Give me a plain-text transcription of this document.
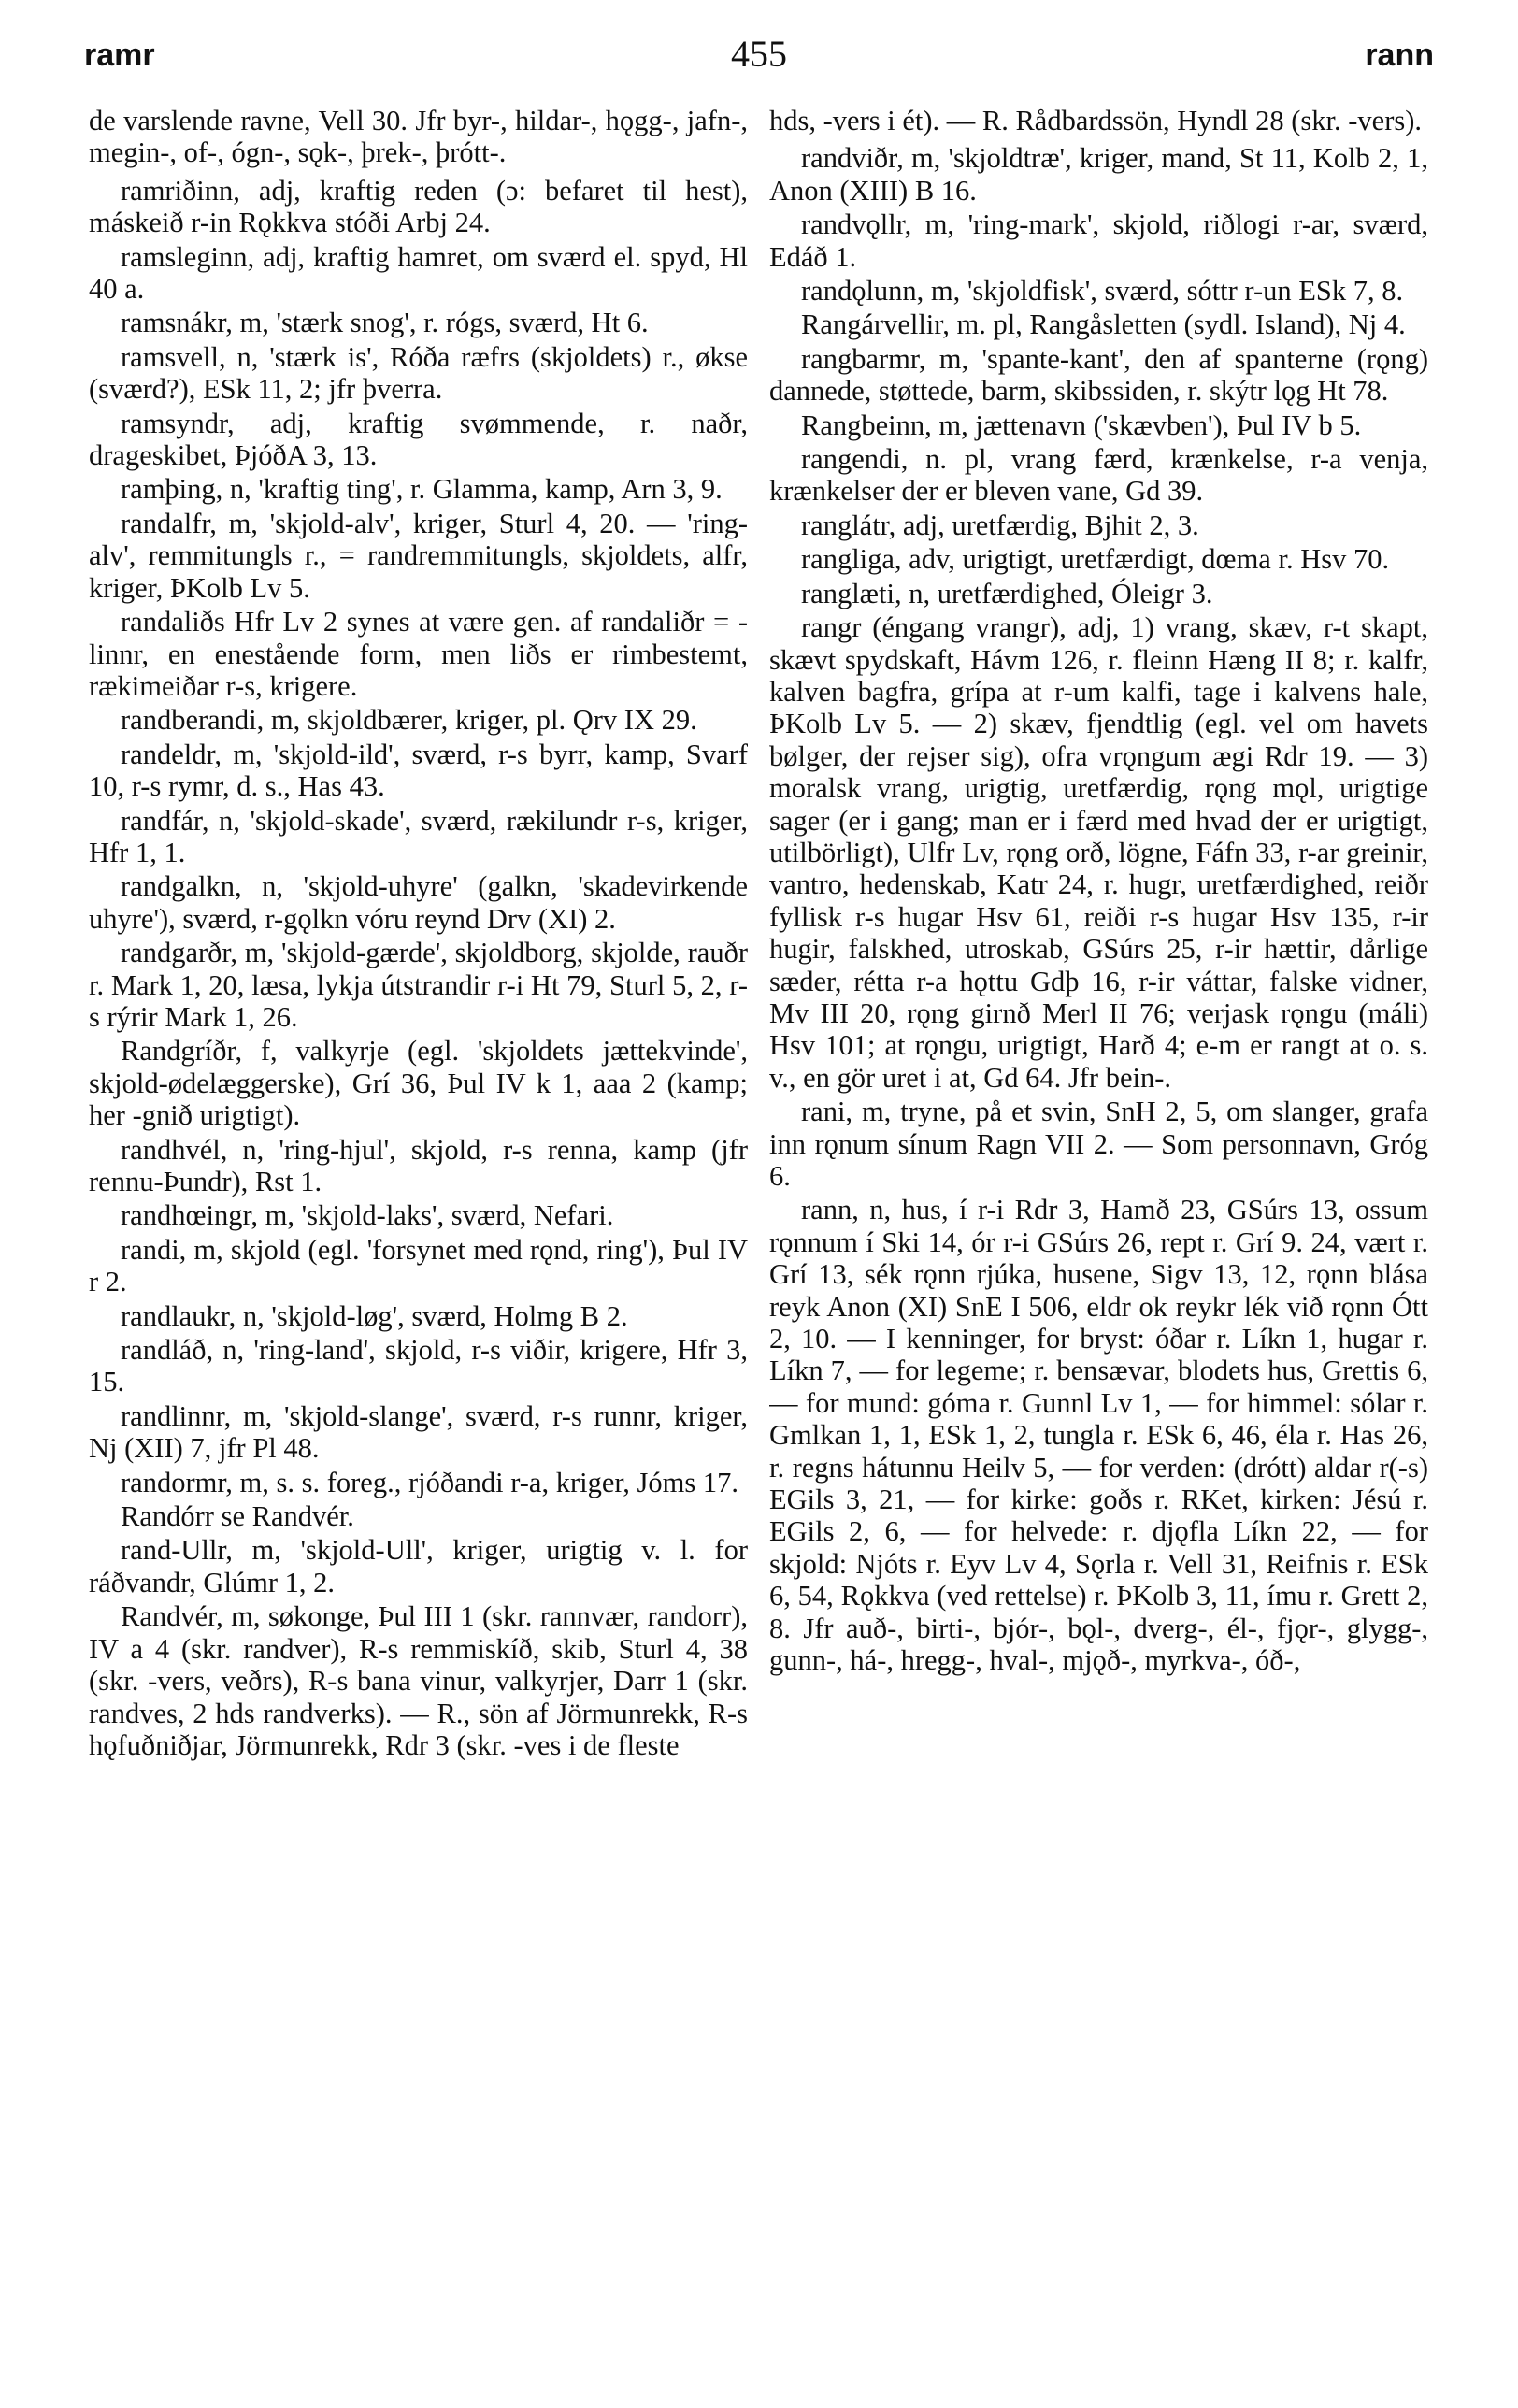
ramr	455	rann

de varslende ravne, Vell 30. Jfr byr-, hildar-, hǫgg-, jafn-, megin-, of-, ógn-, sǫk-, þrek-, þrótt-.

ramriðinn, adj, kraftig reden (ɔ: befaret til hest), máskeið r-in Rǫkkva stóði Arbj 24.

ramsleginn, adj, kraftig hamret, om sværd el. spyd, Hl 40 a.

ramsnákr, m, 'stærk snog', r. rógs, sværd, Ht 6.

ramsvell, n, 'stærk is', Róða ræfrs (skjoldets) r., økse (sværd?), ESk 11, 2; jfr þverra.

ramsyndr, adj, kraftig svømmende, r. naðr, drageskibet, ÞjóðA 3, 13.

ramþing, n, 'kraftig ting', r. Glamma, kamp, Arn 3, 9.

randalfr, m, 'skjold-alv', kriger, Sturl 4, 20. — 'ring-alv', remmitungls r., = randremmitungls, skjoldets, alfr, kriger, ÞKolb Lv 5.

randaliðs Hfr Lv 2 synes at være gen. af randaliðr = -linnr, en enestående form, men liðs er rimbestemt, rækimeiðar r-s, krigere.

randberandi, m, skjoldbærer, kriger, pl. Ǫrv IX 29.

randeldr, m, 'skjold-ild', sværd, r-s byrr, kamp, Svarf 10, r-s rymr, d. s., Has 43.

randfár, n, 'skjold-skade', sværd, rækilundr r-s, kriger, Hfr 1, 1.

randgalkn, n, 'skjold-uhyre' (galkn, 'skadevirkende uhyre'), sværd, r-gǫlkn vóru reynd Drv (XI) 2.

randgarðr, m, 'skjold-gærde', skjoldborg, skjolde, rauðr r. Mark 1, 20, læsa, lykja útstrandir r-i Ht 79, Sturl 5, 2, r-s rýrir Mark 1, 26.

Randgríðr, f, valkyrje (egl. 'skjoldets jættekvinde', skjold-ødelæggerske), Grí 36, Þul IV k 1, aaa 2 (kamp; her -gnið urigtigt).

randhvél, n, 'ring-hjul', skjold, r-s renna, kamp (jfr rennu-Þundr), Rst 1.

randhœingr, m, 'skjold-laks', sværd, Nefari.

randi, m, skjold (egl. 'forsynet med rǫnd, ring'), Þul IV r 2.

randlaukr, n, 'skjold-løg', sværd, Holmg B 2.

randláð, n, 'ring-land', skjold, r-s viðir, krigere, Hfr 3, 15.

randlinnr, m, 'skjold-slange', sværd, r-s runnr, kriger, Nj (XII) 7, jfr Pl 48.

randormr, m, s. s. foreg., rjóðandi r-a, kriger, Jóms 17.

Randórr se Randvér.

rand-Ullr, m, 'skjold-Ull', kriger, urigtig v. l. for ráðvandr, Glúmr 1, 2.

Randvér, m, søkonge, Þul III 1 (skr. rannvær, randorr), IV a 4 (skr. randver), R-s remmiskíð, skib, Sturl 4, 38 (skr. -vers, veðrs), R-s bana vinur, valkyrjer, Darr 1 (skr. randves, 2 hds randverks). — R., sön af Jörmunrekk, R-s hǫfuðniðjar, Jörmunrekk, Rdr 3 (skr. -ves i de fleste

hds, -vers i ét). — R. Rådbardssön, Hyndl 28 (skr. -vers).

randviðr, m, 'skjoldtræ', kriger, mand, St 11, Kolb 2, 1, Anon (XIII) B 16.

randvǫllr, m, 'ring-mark', skjold, riðlogi r-ar, sværd, Edáð 1.

randǫlunn, m, 'skjoldfisk', sværd, sóttr r-un ESk 7, 8.

Rangárvellir, m. pl, Rangåsletten (sydl. Island), Nj 4.

rangbarmr, m, 'spante-kant', den af spanterne (rǫng) dannede, støttede, barm, skibssiden, r. skýtr lǫg Ht 78.

Rangbeinn, m, jættenavn ('skævben'), Þul IV b 5.

rangendi, n. pl, vrang færd, krænkelse, r-a venja, krænkelser der er bleven vane, Gd 39.

ranglátr, adj, uretfærdig, Bjhit 2, 3.

rangliga, adv, urigtigt, uretfærdigt, dœma r. Hsv 70.

ranglæti, n, uretfærdighed, Óleigr 3.

rangr (éngang vrangr), adj, 1) vrang, skæv, r-t skapt, skævt spydskaft, Hávm 126, r. fleinn Hæng II 8; r. kalfr, kalven bagfra, grípa at r-um kalfi, tage i kalvens hale, ÞKolb Lv 5. — 2) skæv, fjendtlig (egl. vel om havets bølger, der rejser sig), ofra vrǫngum ægi Rdr 19. — 3) moralsk vrang, urigtig, uretfærdig, rǫng mǫl, urigtige sager (er i gang; man er i færd med hvad der er urigtigt, utilbörligt), Ulfr Lv, rǫng orð, lögne, Fáfn 33, r-ar greinir, vantro, hedenskab, Katr 24, r. hugr, uretfærdighed, reiðr fyllisk r-s hugar Hsv 61, reiði r-s hugar Hsv 135, r-ir hugir, falskhed, utroskab, GSúrs 25, r-ir hættir, dårlige sæder, rétta r-a hǫttu Gdþ 16, r-ir váttar, falske vidner, Mv III 20, rǫng girnð Merl II 76; verjask rǫngu (máli) Hsv 101; at rǫngu, urigtigt, Harð 4; e-m er rangt at o. s. v., en gör uret i at, Gd 64. Jfr bein-.

rani, m, tryne, på et svin, SnH 2, 5, om slanger, grafa inn rǫnum sínum Ragn VII 2. — Som personnavn, Gróg 6.

rann, n, hus, í r-i Rdr 3, Hamð 23, GSúrs 13, ossum rǫnnum í Ski 14, ór r-i GSúrs 26, rept r. Grí 9. 24, vært r. Grí 13, sék rǫnn rjúka, husene, Sigv 13, 12, rǫnn blása reyk Anon (XI) SnE I 506, eldr ok reykr lék við rǫnn Ótt 2, 10. — I kenninger, for bryst: óðar r. Líkn 1, hugar r. Líkn 7, — for legeme; r. bensævar, blodets hus, Grettis 6, — for mund: góma r. Gunnl Lv 1, — for himmel: sólar r. Gmlkan 1, 1, ESk 1, 2, tungla r. ESk 6, 46, éla r. Has 26, r. regns hátunnu Heilv 5, — for verden: (drótt) aldar r(-s) EGils 3, 21, — for kirke: goðs r. RKet, kirken: Jésú r. EGils 2, 6, — for helvede: r. djǫfla Líkn 22, — for skjold: Njóts r. Eyv Lv 4, Sǫrla r. Vell 31, Reifnis r. ESk 6, 54, Rǫkkva (ved rettelse) r. ÞKolb 3, 11, ímu r. Grett 2, 8. Jfr auð-, birti-, bjór-, bǫl-, dverg-, él-, fjǫr-, glygg-, gunn-, há-, hregg-, hval-, mjǫð-, myrkva-, óð-,
